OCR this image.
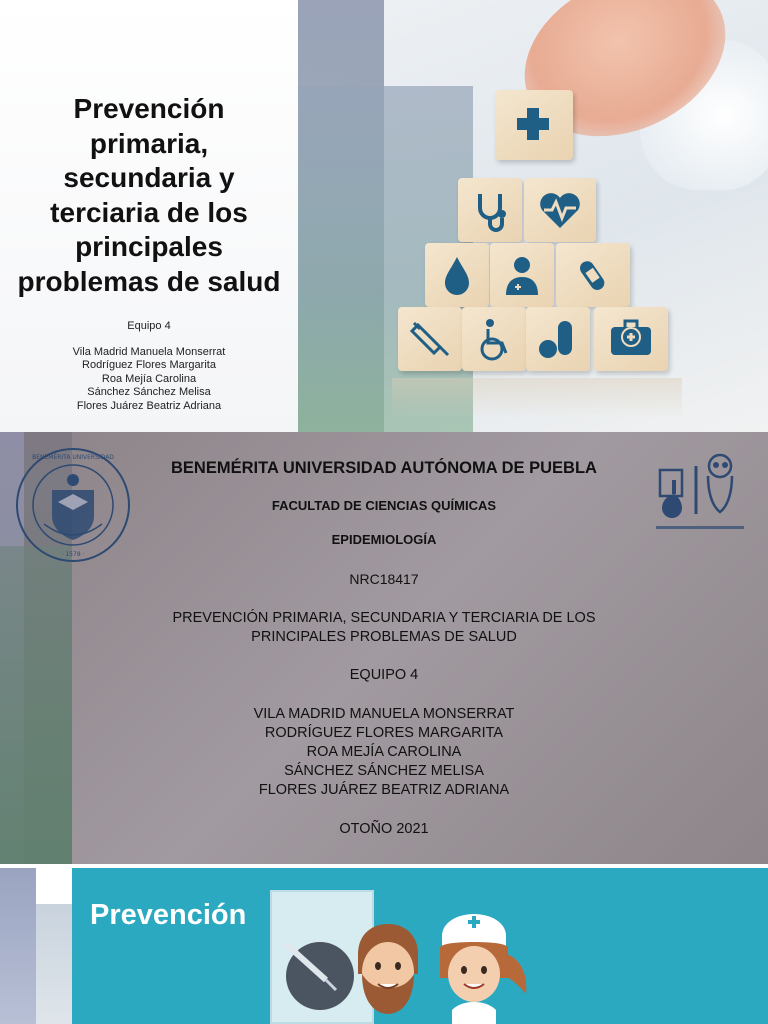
Prevención
primaria,
secundaria y
terciaria de los
principales
problemas de salud
Equipo 4
Vila Madrid Manuela Monserrat
Rodríguez Flores Margarita
Roa Mejía Carolina
Sánchez Sánchez Melisa
Flores Juárez Beatriz Adriana
BENEMÉRITA UNIVERSIDAD
· 1578 ·
BENEMÉRITA UNIVERSIDAD AUTÓNOMA DE PUEBLA
FACULTAD DE CIENCIAS QUÍMICAS
EPIDEMIOLOGÍA
NRC18417
PREVENCIÓN PRIMARIA, SECUNDARIA Y TERCIARIA DE LOS
PRINCIPALES PROBLEMAS DE SALUD
EQUIPO 4
VILA MADRID MANUELA MONSERRAT
RODRÍGUEZ FLORES MARGARITA
ROA MEJÍA CAROLINA
SÁNCHEZ SÁNCHEZ MELISA
FLORES JUÁREZ BEATRIZ ADRIANA
OTOÑO 2021
Prevención
